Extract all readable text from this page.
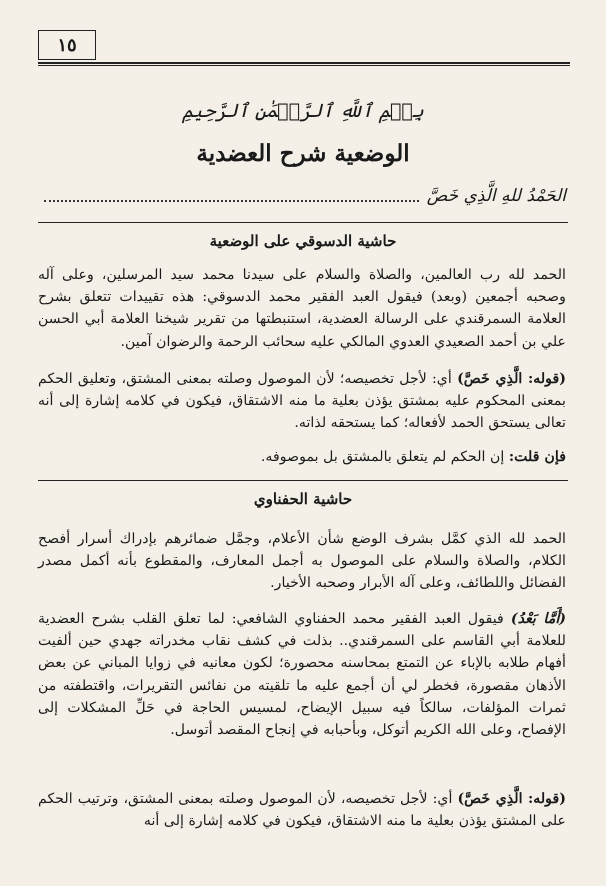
١٥
بِسۡمِ ٱللَّهِ ٱلرَّحۡمَٰنِ ٱلرَّحِيمِ
الوضعية شرح العضدية
الحَمْدُ للهِ الَّذِي خَصَّ
حاشية الدسوقي على الوضعية

الحمد لله رب العالمين، والصلاة والسلام على سيدنا محمد سيد المرسلين، وعلى آله وصحبه أجمعين (وبعد) فيقول العبد الفقير محمد الدسوقي: هذه تقييدات تتعلق بشرح العلامة السمرقندي على الرسالة العضدية، استنبطتها من تقرير شيخنا العلامة أبي الحسن علي بن أحمد الصعيدي العدوي المالكي عليه سحائب الرحمة والرضوان آمين.

(قوله: الَّذِي خَصَّ) أي: لأجل تخصيصه؛ لأن الموصول وصلته بمعنى المشتق، وتعليق الحكم بمعنى المحكوم عليه بمشتق يؤذن بعلية ما منه الاشتقاق، فيكون في كلامه إشارة إلى أنه تعالى يستحق الحمد لأفعاله؛ كما يستحقه لذاته.

فإن قلت: إن الحكم لم يتعلق بالمشتق بل بموصوفه.

حاشية الحفناوي

الحمد لله الذي كمَّل بشرف الوضع شأن الأعلام، وجمَّل ضمائرهم بإدراك أسرار أفصح الكلام، والصلاة والسلام على الموصول به أجمل المعارف، والمقطوع بأنه أكمل مصدر الفضائل واللطائف، وعلى آله الأبرار وصحبه الأخيار.

(أَمَّا بَعْدُ) فيقول العبد الفقير محمد الحفناوي الشافعي: لما تعلق القلب بشرح العضدية للعلامة أبي القاسم على السمرقندي.. بذلت في كشف نقاب مخدراته جهدي حين ألفيت أفهام طلابه بالإباء عن التمتع بمحاسنه محصورة؛ لكون معانيه في زوايا المباني عن بعض الأذهان مقصورة، فخطر لي أن أجمع عليه ما تلقيته من نفائس التقريرات، واقتطفته من ثمرات المؤلفات، سالكاً فيه سبيل الإيضاح، لمسيس الحاجة في حَلِّ المشكلات إلى الإفصاح، وعلى الله الكريم أتوكل، وبأحبابه في إنجاح المقصد أتوسل.

(قوله: الَّذِي خَصَّ) أي: لأجل تخصيصه، لأن الموصول وصلته بمعنى المشتق، وترتيب الحكم على المشتق يؤذن بعلية ما منه الاشتقاق، فيكون في كلامه إشارة إلى أنه
